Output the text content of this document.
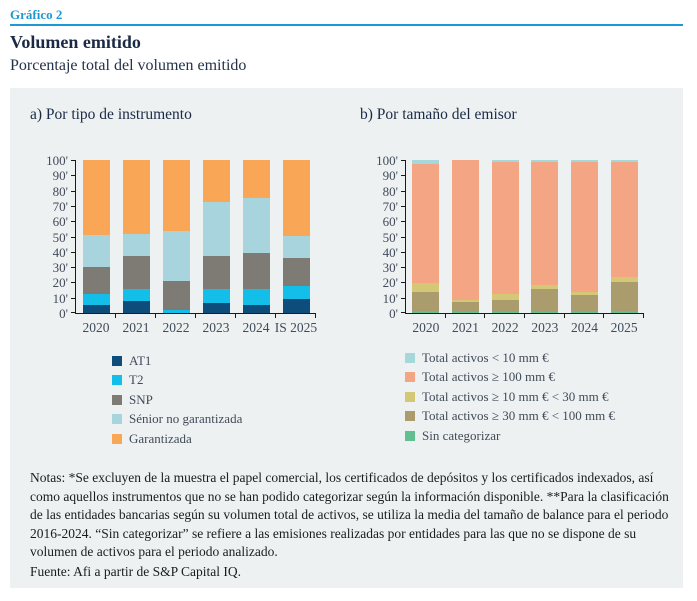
Gráfico 2
Volumen emitido
Porcentaje total del volumen emitido
a) Por tipo de instrumento	b) Por tamaño del emisor
100'
90'
80'
70'
60'
50'
40'
30'
20'
10'
0'
2020 2021 2022 2023 2024 IS 2025
100'
90'
80'
70'
60'
50'
40'
30'
20'
10'
0'
2020 2021 2022 2023 2024 2025
AT1
T2
SNP
Sénior no garantizada
Garantizada
Total activos < 10 mm €
Total activos ≥ 100 mm €
Total activos ≥ 10 mm € < 30 mm €
Total activos ≥ 30 mm € < 100 mm €
Sin categorizar
Notas: *Se excluyen de la muestra el papel comercial, los certificados de depósitos y los certificados indexados, así como aquellos instrumentos que no se han podido categorizar según la información disponible. **Para la clasificación de las entidades bancarias según su volumen total de activos, se utiliza la media del tamaño de balance para el periodo 2016-2024. “Sin categorizar” se refiere a las emisiones realizadas por entidades para las que no se dispone de su volumen de activos para el periodo analizado.
Fuente: Afi a partir de S&P Capital IQ.
